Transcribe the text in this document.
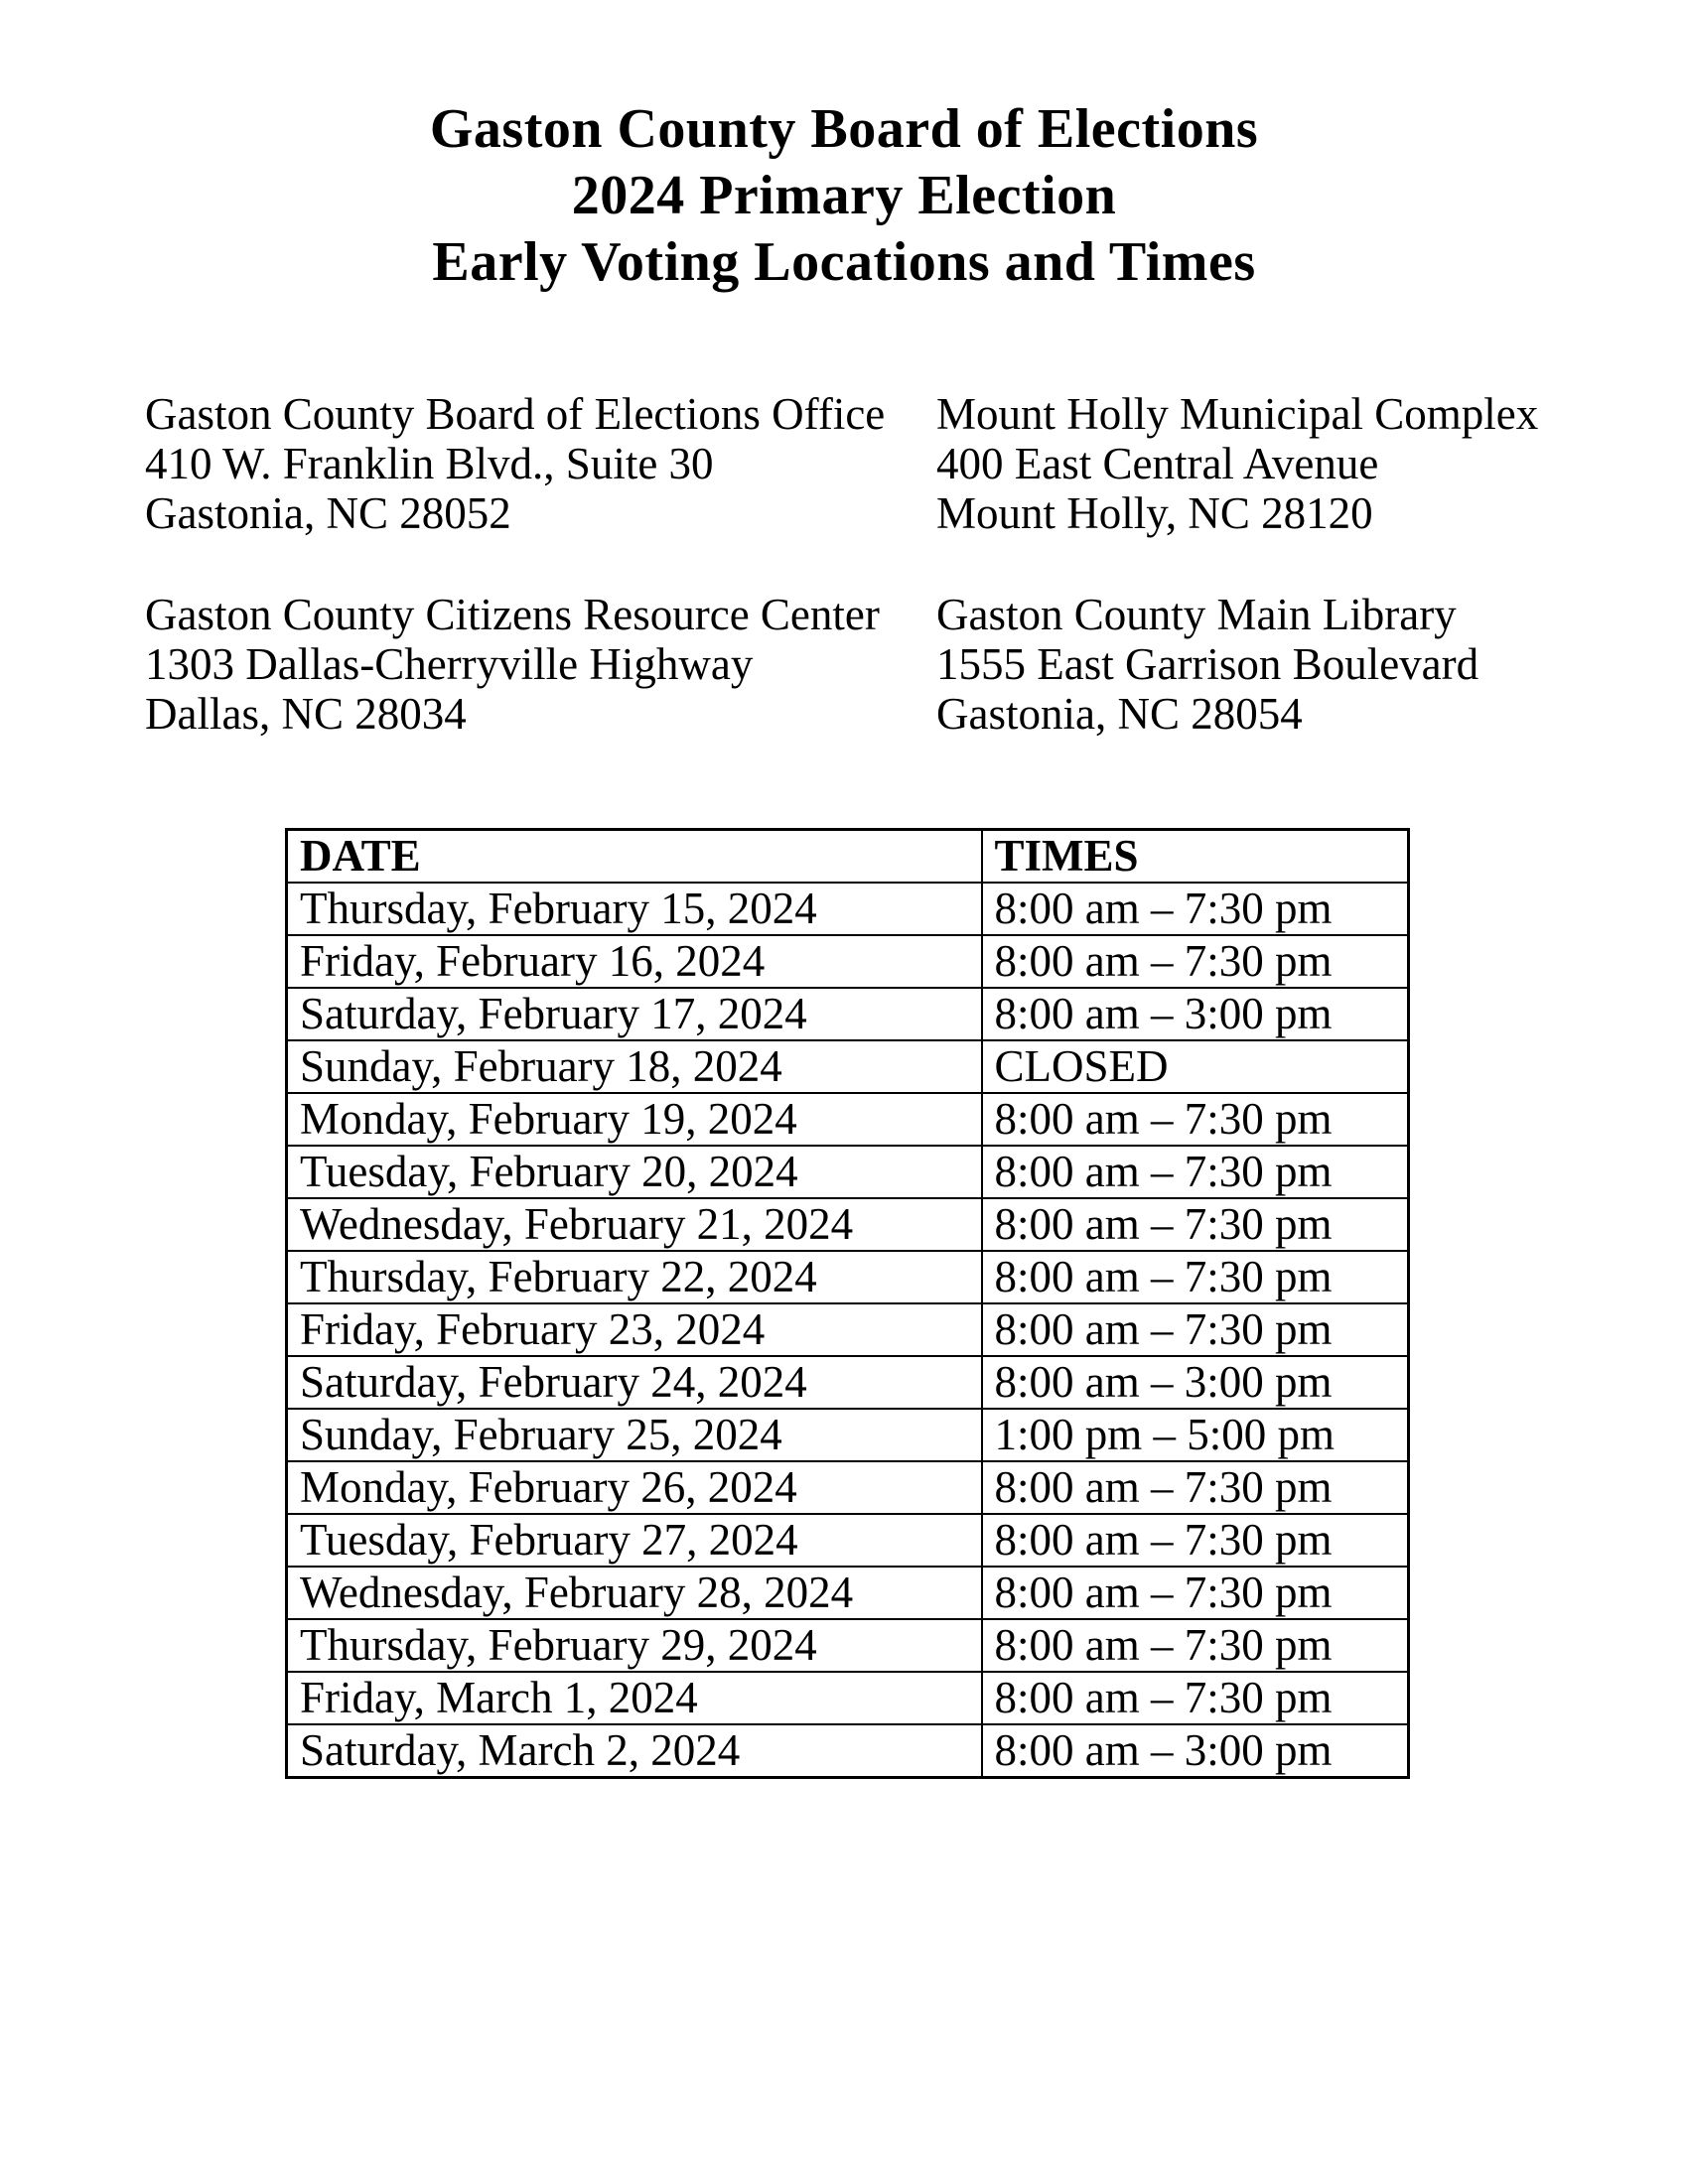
Gaston County Board of Elections
2024 Primary Election
Early Voting Locations and Times
Gaston County Board of Elections Office
410 W. Franklin Blvd., Suite 30
Gastonia, NC 28052
Mount Holly Municipal Complex
400 East Central Avenue
Mount Holly, NC 28120
Gaston County Citizens Resource Center
1303 Dallas-Cherryville Highway
Dallas, NC 28034
Gaston County Main Library
1555 East Garrison Boulevard
Gastonia, NC 28054
DATE	TIMES
Thursday, February 15, 2024	8:00 am – 7:30 pm
Friday, February 16, 2024	8:00 am – 7:30 pm
Saturday, February 17, 2024	8:00 am – 3:00 pm
Sunday, February 18, 2024	CLOSED
Monday, February 19, 2024	8:00 am – 7:30 pm
Tuesday, February 20, 2024	8:00 am – 7:30 pm
Wednesday, February 21, 2024	8:00 am – 7:30 pm
Thursday, February 22, 2024	8:00 am – 7:30 pm
Friday, February 23, 2024	8:00 am – 7:30 pm
Saturday, February 24, 2024	8:00 am – 3:00 pm
Sunday, February 25, 2024	1:00 pm – 5:00 pm
Monday, February 26, 2024	8:00 am – 7:30 pm
Tuesday, February 27, 2024	8:00 am – 7:30 pm
Wednesday, February 28, 2024	8:00 am – 7:30 pm
Thursday, February 29, 2024	8:00 am – 7:30 pm
Friday, March 1, 2024	8:00 am – 7:30 pm
Saturday, March 2, 2024	8:00 am – 3:00 pm
